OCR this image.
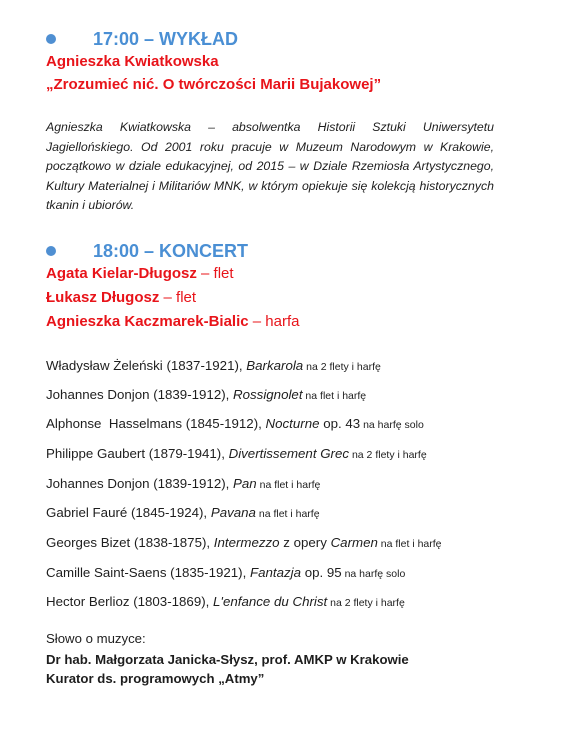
17:00 – WYKŁAD
Agnieszka Kwiatkowska
„Zrozumieć nić. O twórczości Marii Bujakowej”
Agnieszka Kwiatkowska – absolwentka Historii Sztuki Uniwersytetu Jagiellońskiego. Od 2001 roku pracuje w Muzeum Narodowym w Krakowie, początkowo w dziale edukacyjnej, od 2015 – w Dziale Rzemiosła Artystycznego, Kultury Materialnej i Militariów MNK, w którym opiekuje się kolekcją historycznych tkanin i ubiorów.
18:00 – KONCERT
Agata Kielar-Długosz – flet
Łukasz Długosz – flet
Agnieszka Kaczmarek-Bialic – harfa
Władysław Żeleński (1837-1921), Barkarola na 2 flety i harfę
Johannes Donjon (1839-1912), Rossignolet na flet i harfę
Alphonse  Hasselmans (1845-1912), Nocturne op. 43 na harfę solo
Philippe Gaubert (1879-1941), Divertissement Grec na 2 flety i harfę
Johannes Donjon (1839-1912), Pan na flet i harfę
Gabriel Fauré (1845-1924), Pavana na flet i harfę
Georges Bizet (1838-1875), Intermezzo z opery Carmen na flet i harfę
Camille Saint-Saens (1835-1921), Fantazja op. 95 na harfę solo
Hector Berlioz (1803-1869), L'enfance du Christ na 2 flety i harfę
Słowo o muzyce:
Dr hab. Małgorzata Janicka-Słysz, prof. AMKP w Krakowie
Kurator ds. programowych „Atmy”
